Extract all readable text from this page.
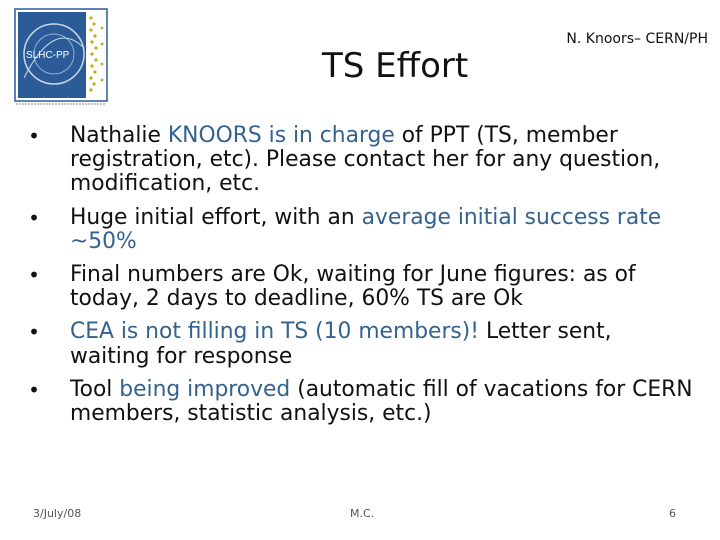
SLHC-PP	TS Effort
N. Knoors– CERN/PH
• Nathalie KNOORS is in charge of PPT (TS, member registration, etc). Please contact her for any question, modification, etc.
• Huge initial effort, with an average initial success rate ~50%
• Final numbers are Ok, waiting for June figures: as of today, 2 days to deadline, 60% TS are Ok
• CEA is not filling in TS (10 members)! Letter sent, waiting for response
• Tool being improved (automatic fill of vacations for CERN members, statistic analysis, etc.)
3/July/08	M.C.	6
